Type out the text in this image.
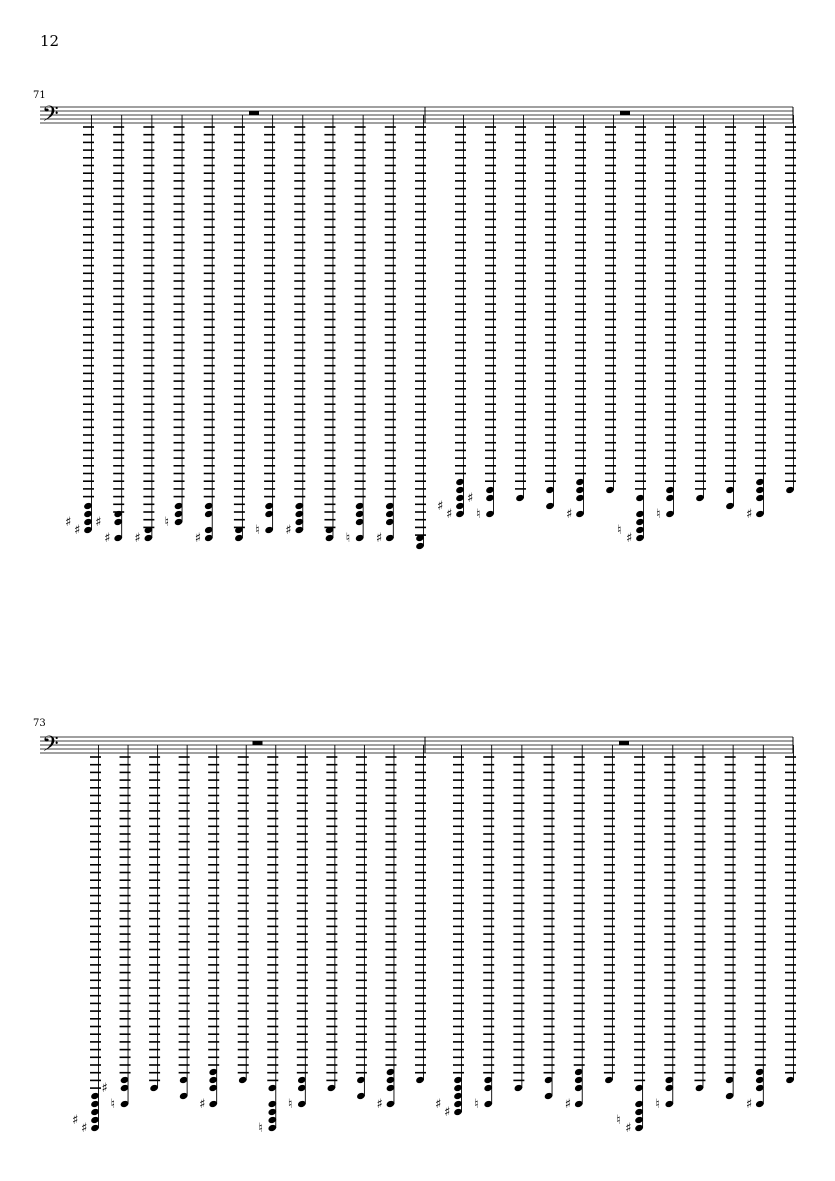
12
71
73
𝄢
♯
♯
♯
♯
♯
♮
♯
♮ ♯
♮ ♯
♯
♯
♮
♯
♯
♯
♮
♮	♯
𝄢
♯
♯
♮
♯
♯
♮
♮	♯
♯
♯	♮	♯
♯
♮
♮	♯
